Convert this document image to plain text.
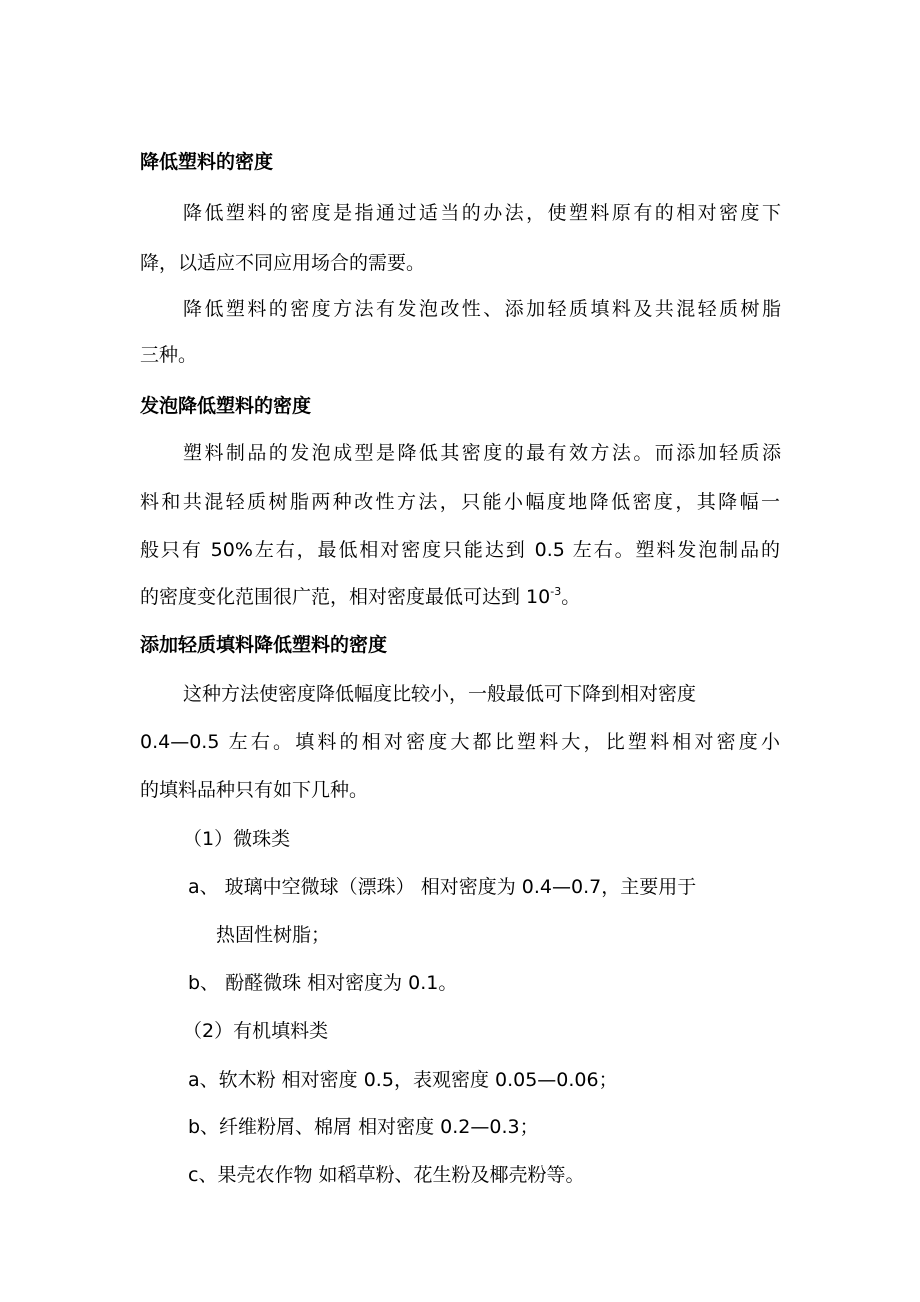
降低塑料的密度
降低塑料的密度是指通过适当的办法，使塑料原有的相对密度下
降，以适应不同应用场合的需要。
降低塑料的密度方法有发泡改性、添加轻质填料及共混轻质树脂
三种。
发泡降低塑料的密度
塑料制品的发泡成型是降低其密度的最有效方法。而添加轻质添
料和共混轻质树脂两种改性方法，只能小幅度地降低密度，其降幅一
般只有 50%左右，最低相对密度只能达到 0.5 左右。塑料发泡制品的
的密度变化范围很广范，相对密度最低可达到 $10^{-3}$。
添加轻质填料降低塑料的密度
这种方法使密度降低幅度比较小，一般最低可下降到相对密度
0.4—0.5 左右。填料的相对密度大都比塑料大，比塑料相对密度小
的填料品种只有如下几种。
（1）微珠类
a、 玻璃中空微球（漂珠） 相对密度为 0.4—0.7，主要用于
热固性树脂；
b、 酚醛微珠 相对密度为 0.1。
（2）有机填料类
a、软木粉 相对密度 0.5，表观密度 0.05—0.06；
b、纤维粉屑、棉屑 相对密度 0.2—0.3；
c、果壳农作物 如稻草粉、花生粉及椰壳粉等。
